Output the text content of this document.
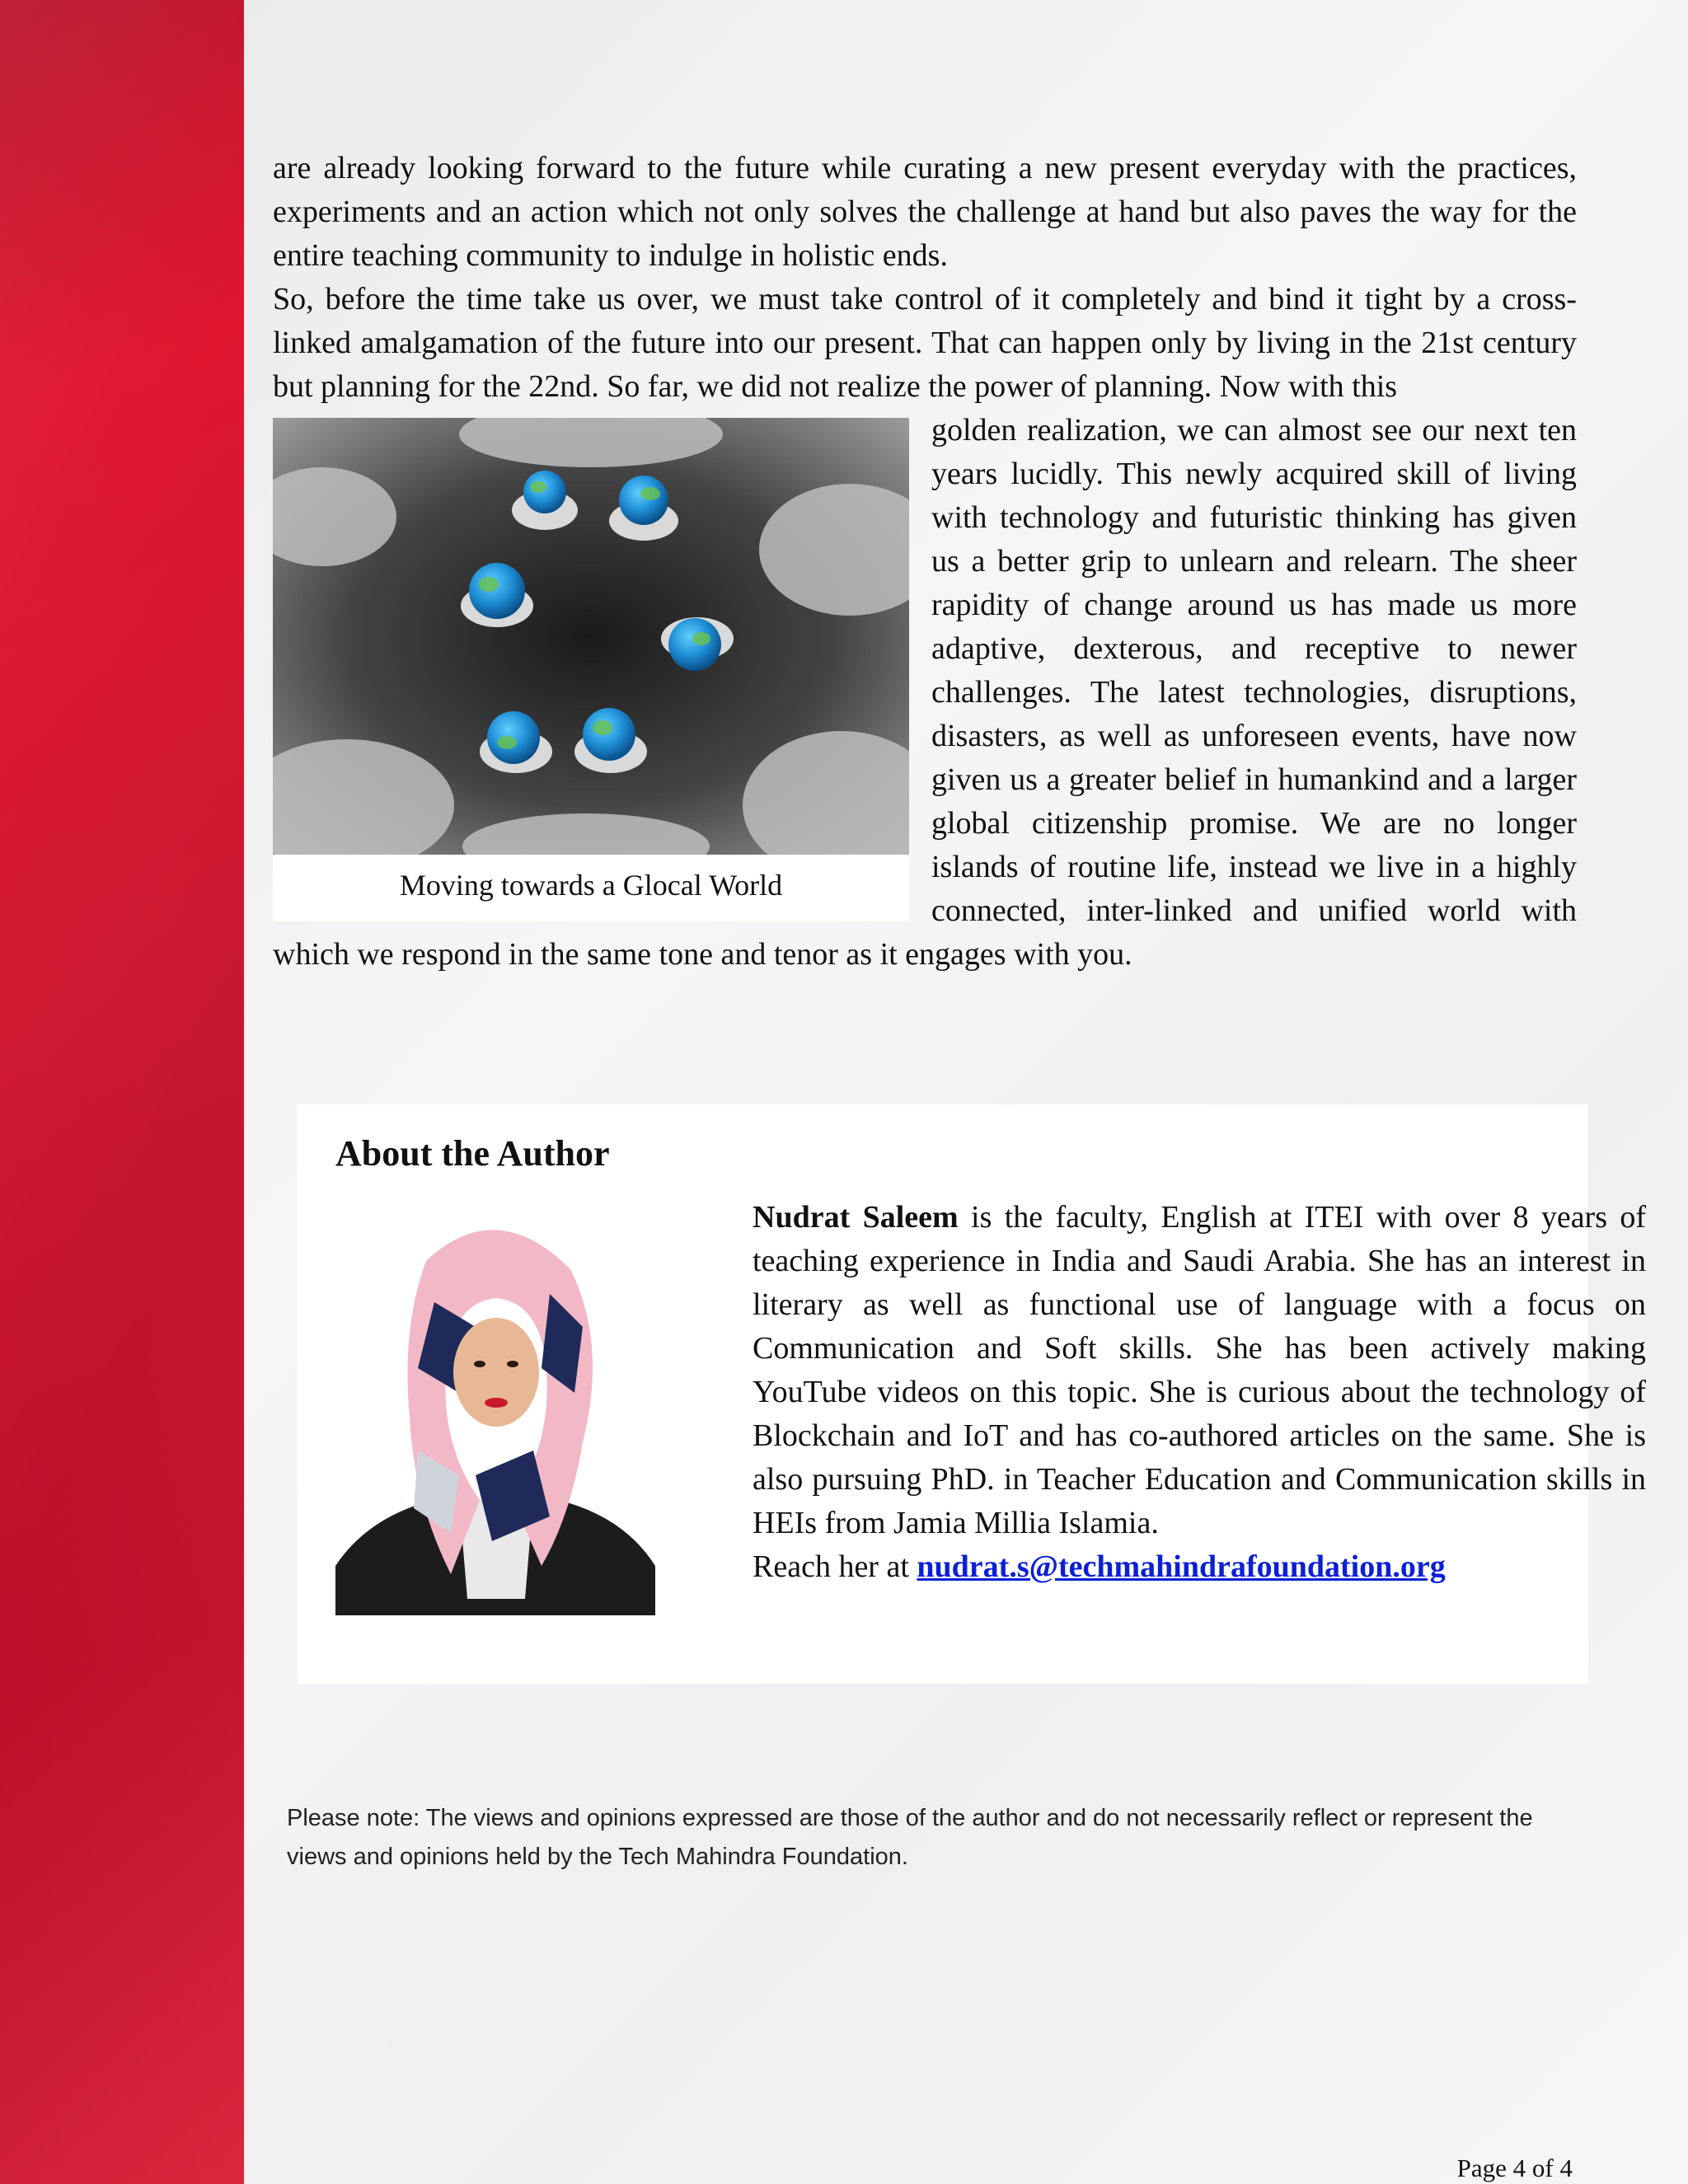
are already looking forward to the future while curating a new present everyday with the practices, experiments and an action which not only solves the challenge at hand but also paves the way for the entire teaching community to indulge in holistic ends.

So, before the time take us over, we must take control of it completely and bind it tight by a cross-linked amalgamation of the future into our present. That can happen only by living in the 21st century but planning for the 22nd. So far, we did not realize the power of planning. Now with this

Moving towards a Glocal World

golden realization, we can almost see our next ten years lucidly. This newly acquired skill of living with technology and futuristic thinking has given us a better grip to unlearn and relearn. The sheer rapidity of change around us has made us more adaptive, dexterous, and receptive to newer challenges. The latest technologies, disruptions, disasters, as well as unforeseen events, have now given us a greater belief in humankind and a larger global citizenship promise. We are no longer islands of routine life, instead we live in a highly connected, inter-linked and unified world with which we respond in the same tone and tenor as it engages with you.

About the Author

Nudrat Saleem is the faculty, English at ITEI with over 8 years of teaching experience in India and Saudi Arabia. She has an interest in literary as well as functional use of language with a focus on Communication and Soft skills. She has been actively making YouTube videos on this topic. She is curious about the technology of Blockchain and IoT and has co-authored articles on the same. She is also pursuing PhD. in Teacher Education and Communication skills in HEIs from Jamia Millia Islamia.
Reach her at nudrat.s@techmahindrafoundation.org

Please note: The views and opinions expressed are those of the author and do not necessarily reflect or represent the views and opinions held by the Tech Mahindra Foundation.

Page 4 of 4
